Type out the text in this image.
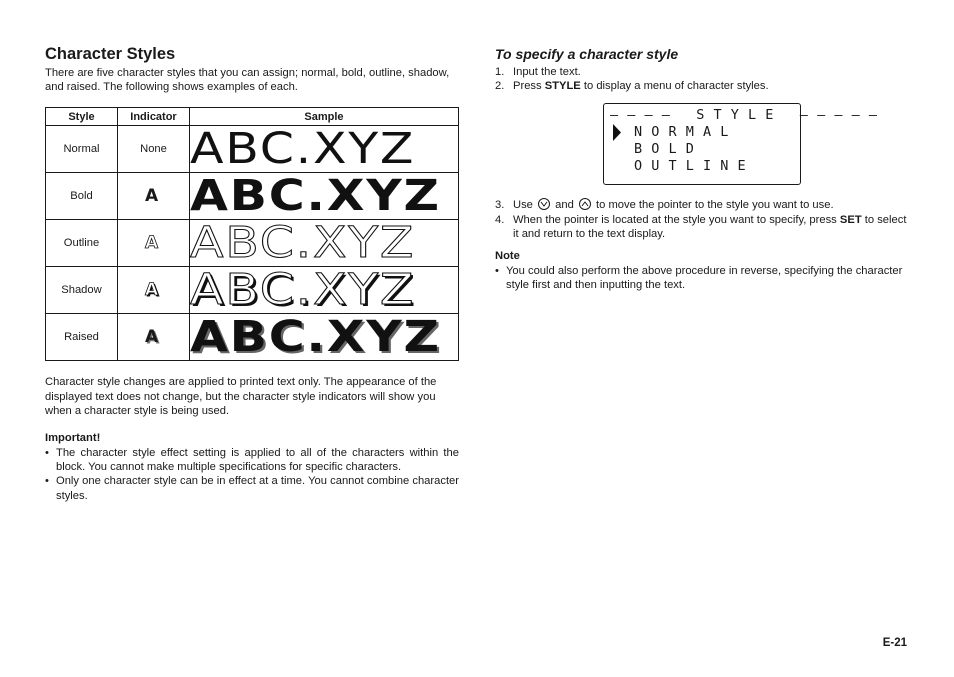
Character Styles

There are five character styles that you can assign; normal, bold, outline, shadow, and raised. The following shows examples of each.

Style	Indicator	Sample
Normal	None	ABC.XYZ
Bold	A	ABC.XYZ
Outline	A	ABC.XYZ
Shadow	A	ABC.XYZ
Raised	A	ABC.XYZ

Character style changes are applied to printed text only. The appearance of the displayed text does not change, but the character style indicators will show you when a character style is being used.

Important!

• The character style effect setting is applied to all of the characters within the block. You cannot make multiple specifications for specific characters.
• Only one character style can be in effect at a time. You cannot combine character styles.
To specify a character style
1. Input the text.
2. Press STYLE to display a menu of character styles.
– – – –   S T Y L E   – – – – –
N O R M A L
B O L D
O U T L I N E
3. Use and to move the pointer to the style you want to use.
4. When the pointer is located at the style you want to specify, press SET to select it and return to the text display.

Note

• You could also perform the above procedure in reverse, specifying the character style first and then inputting the text.
E-21
